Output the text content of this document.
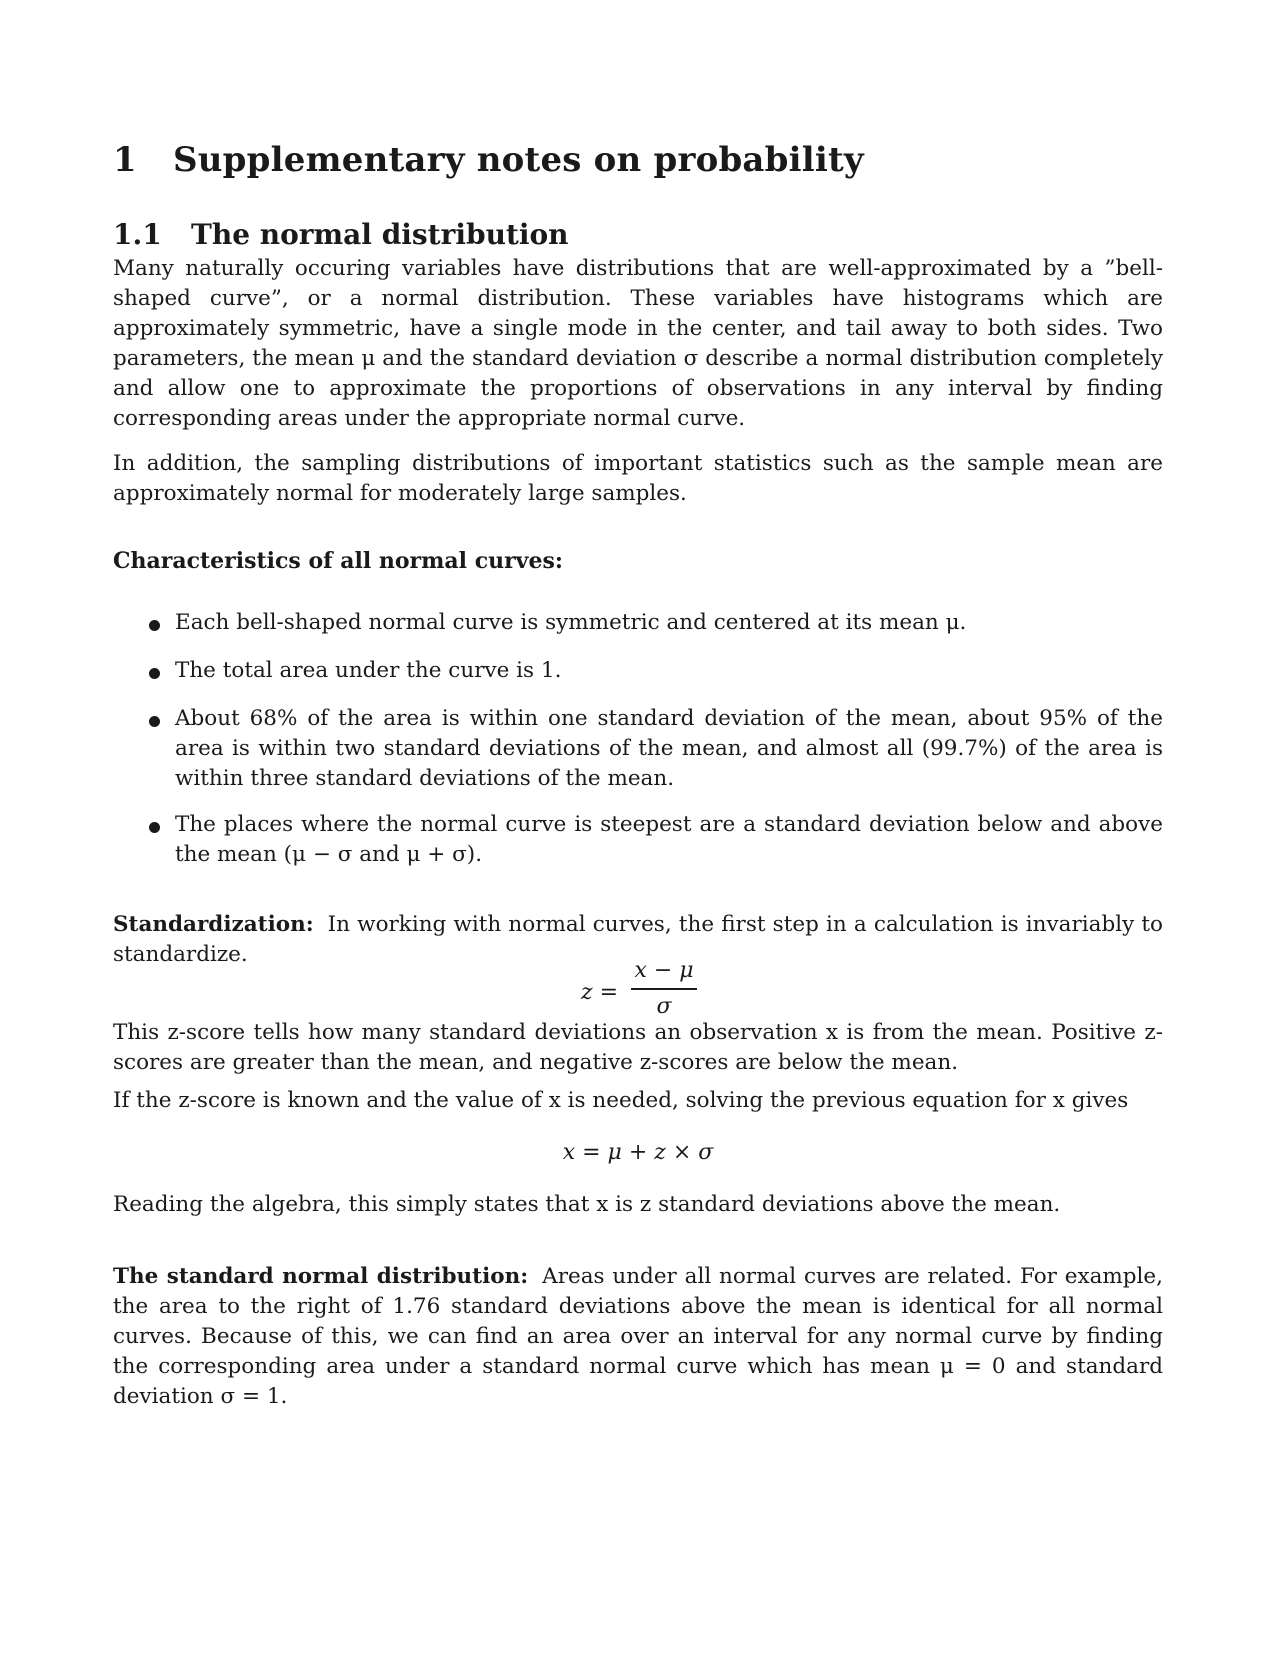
1 Supplementary notes on probability
1.1 The normal distribution

Many naturally occuring variables have distributions that are well-approximated by a ”bell-shaped curve”, or a normal distribution. These variables have histograms which are approximately symmetric, have a single mode in the center, and tail away to both sides. Two parameters, the mean μ and the standard deviation σ describe a normal distribution completely and allow one to approximate the proportions of observations in any interval by finding corresponding areas under the appropriate normal curve.

In addition, the sampling distributions of important statistics such as the sample mean are approximately normal for moderately large samples.

Characteristics of all normal curves:
Each bell-shaped normal curve is symmetric and centered at its mean μ.
The total area under the curve is 1.
About 68% of the area is within one standard deviation of the mean, about 95% of the area is within two standard deviations of the mean, and almost all (99.7%) of the area is within three standard deviations of the mean.
The places where the normal curve is steepest are a standard deviation below and above the mean (μ − σ and μ + σ).

Standardization: In working with normal curves, the first step in a calculation is invariably to standardize.

z =
x − μ
σ

This z-score tells how many standard deviations an observation x is from the mean. Positive z-scores are greater than the mean, and negative z-scores are below the mean.

If the z-score is known and the value of x is needed, solving the previous equation for x gives

x = μ + z × σ

Reading the algebra, this simply states that x is z standard deviations above the mean.

The standard normal distribution: Areas under all normal curves are related. For example, the area to the right of 1.76 standard deviations above the mean is identical for all normal curves. Because of this, we can find an area over an interval for any normal curve by finding the corresponding area under a standard normal curve which has mean μ = 0 and standard deviation σ = 1.
